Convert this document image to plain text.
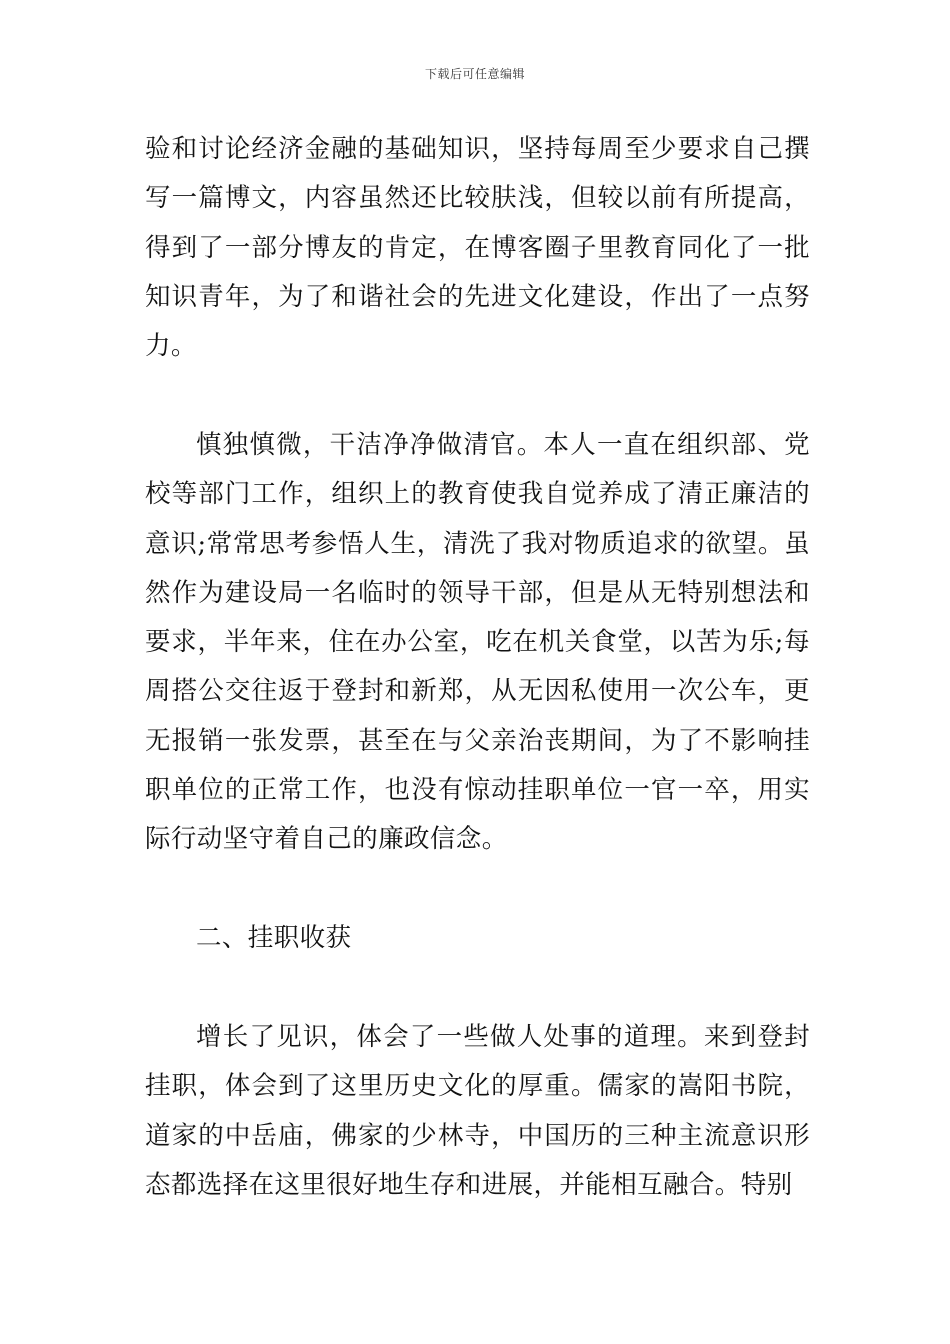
下载后可任意编辑

验和讨论经济金融的基础知识，坚持每周至少要求自己撰写一篇博文，内容虽然还比较肤浅，但较以前有所提高，得到了一部分博友的肯定，在博客圈子里教育同化了一批知识青年，为了和谐社会的先进文化建设，作出了一点努力。

慎独慎微，干洁净净做清官。本人一直在组织部、党校等部门工作，组织上的教育使我自觉养成了清正廉洁的意识;常常思考参悟人生，清洗了我对物质追求的欲望。虽然作为建设局一名临时的领导干部，但是从无特别想法和要求，半年来，住在办公室，吃在机关食堂，以苦为乐;每周搭公交往返于登封和新郑，从无因私使用一次公车，更无报销一张发票，甚至在与父亲治丧期间，为了不影响挂职单位的正常工作，也没有惊动挂职单位一官一卒，用实际行动坚守着自己的廉政信念。

二、挂职收获

增长了见识，体会了一些做人处事的道理。来到登封挂职，体会到了这里历史文化的厚重。儒家的嵩阳书院，道家的中岳庙，佛家的少林寺，中国历的三种主流意识形态都选择在这里很好地生存和进展，并能相互融合。特别
